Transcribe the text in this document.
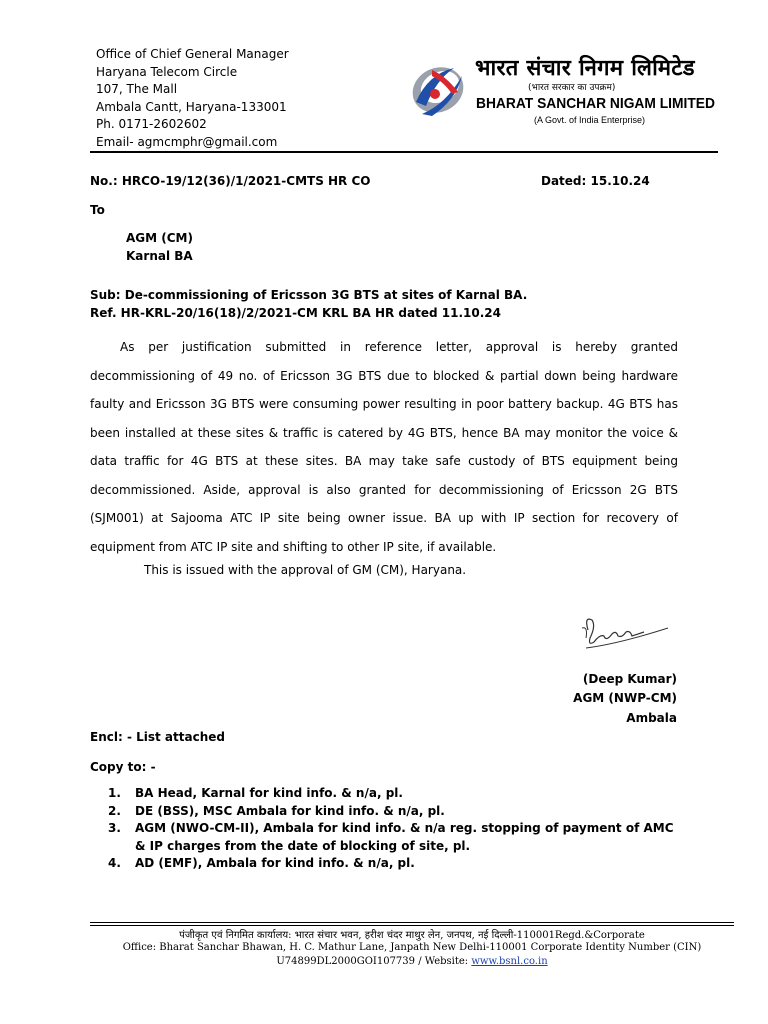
Office of Chief General Manager
Haryana Telecom Circle
107, The Mall
Ambala Cantt, Haryana-133001
Ph. 0171-2602602
Email- agmcmphr@gmail.com
भारत संचार निगम लिमिटेड
(भारत सरकार का उपक्रम)
BHARAT SANCHAR NIGAM LIMITED
(A Govt. of India Enterprise)
No.: HRCO-19/12(36)/1/2021-CMTS HR CO	Dated: 15.10.24
To
AGM (CM)
Karnal BA
Sub: De-commissioning of Ericsson 3G BTS at sites of Karnal BA.
Ref. HR-KRL-20/16(18)/2/2021-CM KRL BA HR dated 11.10.24
As per justification submitted in reference letter, approval is hereby granted decommissioning of 49 no. of Ericsson 3G BTS due to blocked & partial down being hardware faulty and Ericsson 3G BTS were consuming power resulting in poor battery backup. 4G BTS has been installed at these sites & traffic is catered by 4G BTS, hence BA may monitor the voice & data traffic for 4G BTS at these sites. BA may take safe custody of BTS equipment being decommissioned. Aside, approval is also granted for decommissioning of Ericsson 2G BTS (SJM001) at Sajooma ATC IP site being owner issue. BA up with IP section for recovery of equipment from ATC IP site and shifting to other IP site, if available.
This is issued with the approval of GM (CM), Haryana.
(Deep Kumar)
AGM (NWP-CM)
Ambala
Encl: - List attached
Copy to: -
1. BA Head, Karnal for kind info. & n/a, pl.
2. DE (BSS), MSC Ambala for kind info. & n/a, pl.
3. AGM (NWO-CM-II), Ambala for kind info. & n/a reg. stopping of payment of AMC & IP charges from the date of blocking of site, pl.
4. AD (EMF), Ambala for kind info. & n/a, pl.
पंजीकृत एवं निगमित कार्यालय: भारत संचार भवन, हरीश चंदर माथुर लेन, जनपथ, नई दिल्ली-110001Regd.&Corporate
Office: Bharat Sanchar Bhawan, H. C. Mathur Lane, Janpath New Delhi-110001 Corporate Identity Number (CIN)
U74899DL2000GOI107739 / Website: www.bsnl.co.in
